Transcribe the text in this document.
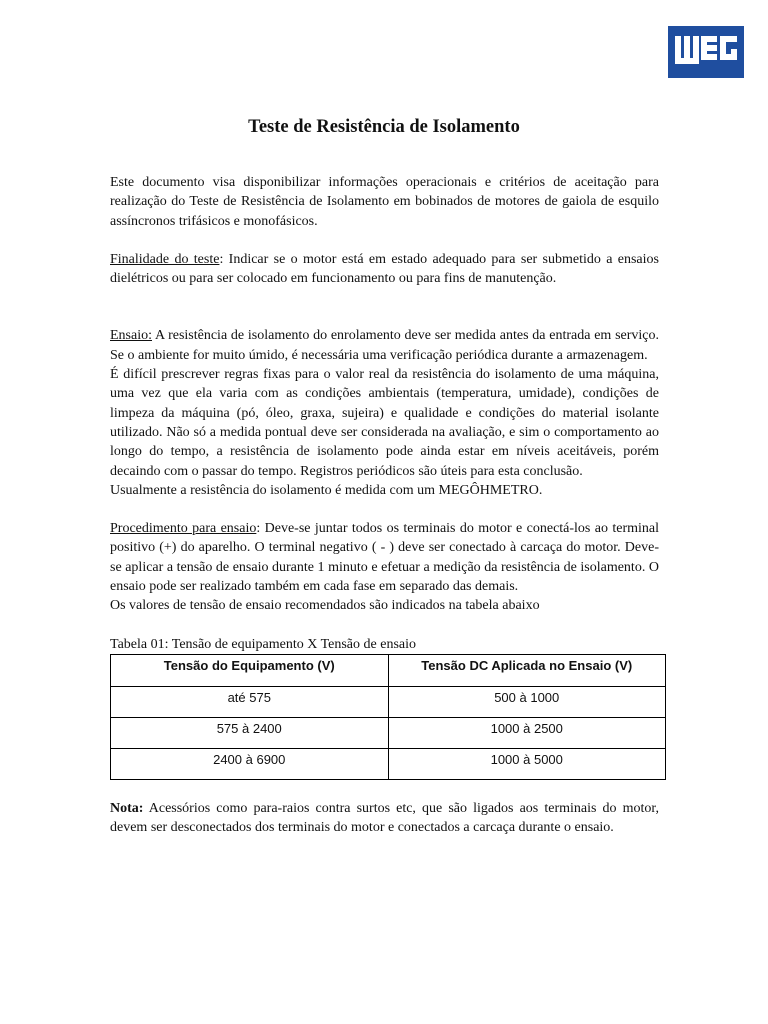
Teste de Resistência de Isolamento

Este documento visa disponibilizar informações operacionais e critérios de aceitação para realização do Teste de Resistência de Isolamento em bobinados de motores de gaiola de esquilo assíncronos trifásicos e monofásicos.

Finalidade do teste: Indicar se o motor está em estado adequado para ser submetido a ensaios dielétricos ou para ser colocado em funcionamento ou para fins de manutenção.

Ensaio: A resistência de isolamento do enrolamento deve ser medida antes da entrada em serviço. Se o ambiente for muito úmido, é necessária uma verificação periódica durante a armazenagem.

É difícil prescrever regras fixas para o valor real da resistência do isolamento de uma máquina, uma vez que ela varia com as condições ambientais (temperatura, umidade), condições de limpeza da máquina (pó, óleo, graxa, sujeira) e qualidade e condições do material isolante utilizado. Não só a medida pontual deve ser considerada na avaliação, e sim o comportamento ao longo do tempo, a resistência de isolamento pode ainda estar em níveis aceitáveis, porém decaindo com o passar do tempo. Registros periódicos são úteis para esta conclusão.

Usualmente a resistência do isolamento é medida com um MEGÔHMETRO.

Procedimento para ensaio: Deve-se juntar todos os terminais do motor e conectá-los ao terminal positivo (+) do aparelho. O terminal negativo ( - ) deve ser conectado à carcaça do motor. Deve-se aplicar a tensão de ensaio durante 1 minuto e efetuar a medição da resistência de isolamento. O ensaio pode ser realizado também em cada fase em separado das demais.

Os valores de tensão de ensaio recomendados são indicados na tabela abaixo

Tabela 01: Tensão de equipamento X Tensão de ensaio

Tensão do Equipamento (V)	Tensão DC Aplicada no Ensaio (V)
até 575	500 à 1000
575 à 2400	1000 à 2500
2400 à 6900	1000 à 5000

Nota: Acessórios como para-raios contra surtos etc, que são ligados aos terminais do motor, devem ser desconectados dos terminais do motor e conectados a carcaça durante o ensaio.
